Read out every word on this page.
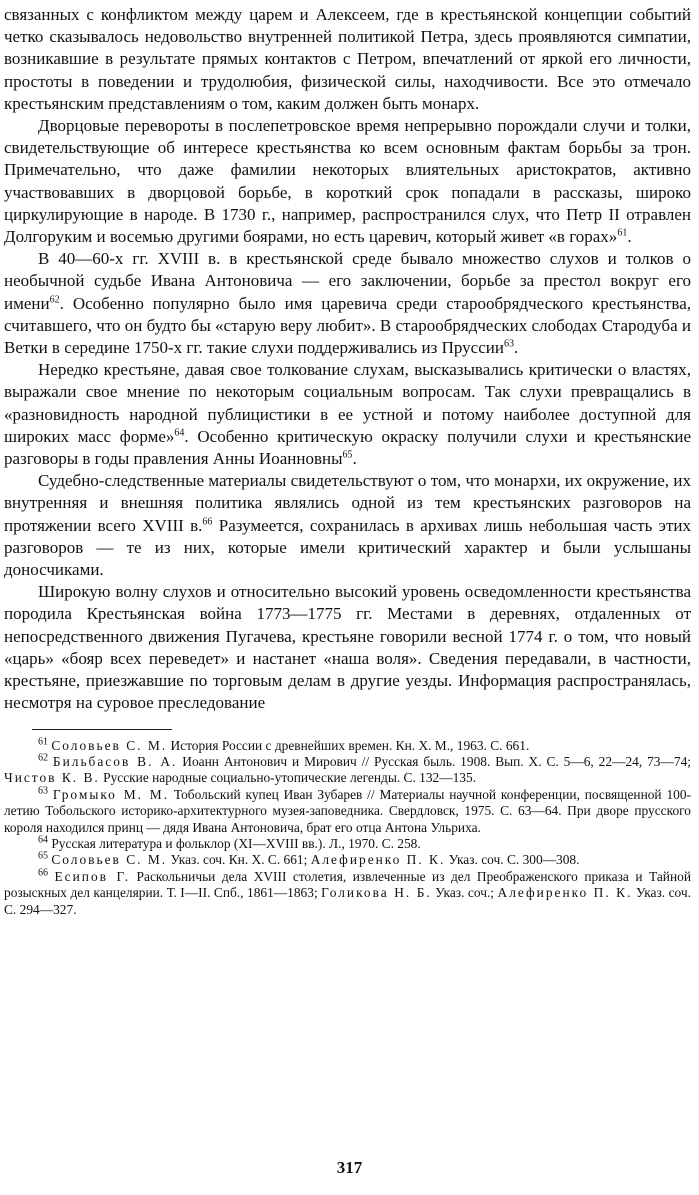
связанных с конфликтом между царем и Алексеем, где в крестьянской концепции событий четко сказывалось недовольство внутренней политикой Петра, здесь проявляются симпатии, возникавшие в результате прямых контактов с Петром, впечатлений от яркой его личности, простоты в поведении и трудолюбия, физической силы, находчивости. Все это отмечало крестьянским представлениям о том, каким должен быть монарх.

Дворцовые перевороты в послепетровское время непрерывно порождали случи и толки, свидетельствующие об интересе крестьянства ко всем основным фактам борьбы за трон. Примечательно, что даже фамилии некоторых влиятельных аристократов, активно участвовавших в дворцовой борьбе, в короткий срок попадали в рассказы, широко циркулирующие в народе. В 1730 г., например, распространился слух, что Петр II отравлен Долгоруким и восемью другими боярами, но есть царевич, который живет «в горах»$^{61}$.

В 40—60-х гг. XVIII в. в крестьянской среде бывало множество слухов и толков о необычной судьбе Ивана Антоновича — его заключении, борьбе за престол вокруг его имени$^{62}$. Особенно популярно было имя царевича среди старообрядческого крестьянства, считавшего, что он будто бы «старую веру любит». В старообрядческих слободах Стародуба и Ветки в середине 1750-х гг. такие слухи поддерживались из Пруссии$^{63}$.

Нередко крестьяне, давая свое толкование слухам, высказывались критически о властях, выражали свое мнение по некоторым социальным вопросам. Так слухи превращались в «разновидность народной публицистики в ее устной и потому наиболее доступной для широких масс форме»$^{64}$. Особенно критическую окраску получили слухи и крестьянские разговоры в годы правления Анны Иоанновны$^{65}$.

Судебно-следственные материалы свидетельствуют о том, что монархи, их окружение, их внутренняя и внешняя политика являлись одной из тем крестьянских разговоров на протяжении всего XVIII в.$^{66}$ Разумеется, сохранилась в архивах лишь небольшая часть этих разговоров — те из них, которые имели критический характер и были услышаны доносчиками.

Широкую волну слухов и относительно высокий уровень осведомленности крестьянства породила Крестьянская война 1773—1775 гг. Местами в деревнях, отдаленных от непосредственного движения Пугачева, крестьяне говорили весной 1774 г. о том, что новый «царь» «бояр всех переведет» и настанет «наша воля». Сведения передавали, в частности, крестьяне, приезжавшие по торговым делам в другие уезды. Информация распространялась, несмотря на суровое преследование

$^{61}$ Соловьев С. М. История России с древнейших времен. Кн. X. М., 1963. С. 661.

$^{62}$ Бильбасов В. А. Иоанн Антонович и Мирович // Русская быль. 1908. Вып. X. С. 5—6, 22—24, 73—74; Чистов К. В. Русские народные социально-утопические легенды. С. 132—135.

$^{63}$ Громыко М. М. Тобольский купец Иван Зубарев // Материалы научной конференции, посвященной 100-летию Тобольского историко-архитектурного музея-заповедника. Свердловск, 1975. С. 63—64. При дворе прусского короля находился принц — дядя Ивана Антоновича, брат его отца Антона Ульриха.

$^{64}$ Русская литература и фольклор (XI—XVIII вв.). Л., 1970. С. 258.

$^{65}$ Соловьев С. М. Указ. соч. Кн. X. С. 661; Алефиренко П. К. Указ. соч. С. 300—308.

$^{66}$ Есипов Г. Раскольничьи дела XVIII столетия, извлеченные из дел Преображенского приказа и Тайной розыскных дел канцелярии. Т. I—II. Спб., 1861—1863; Голикова Н. Б. Указ. соч.; Алефиренко П. К. Указ. соч. С. 294—327.

317
